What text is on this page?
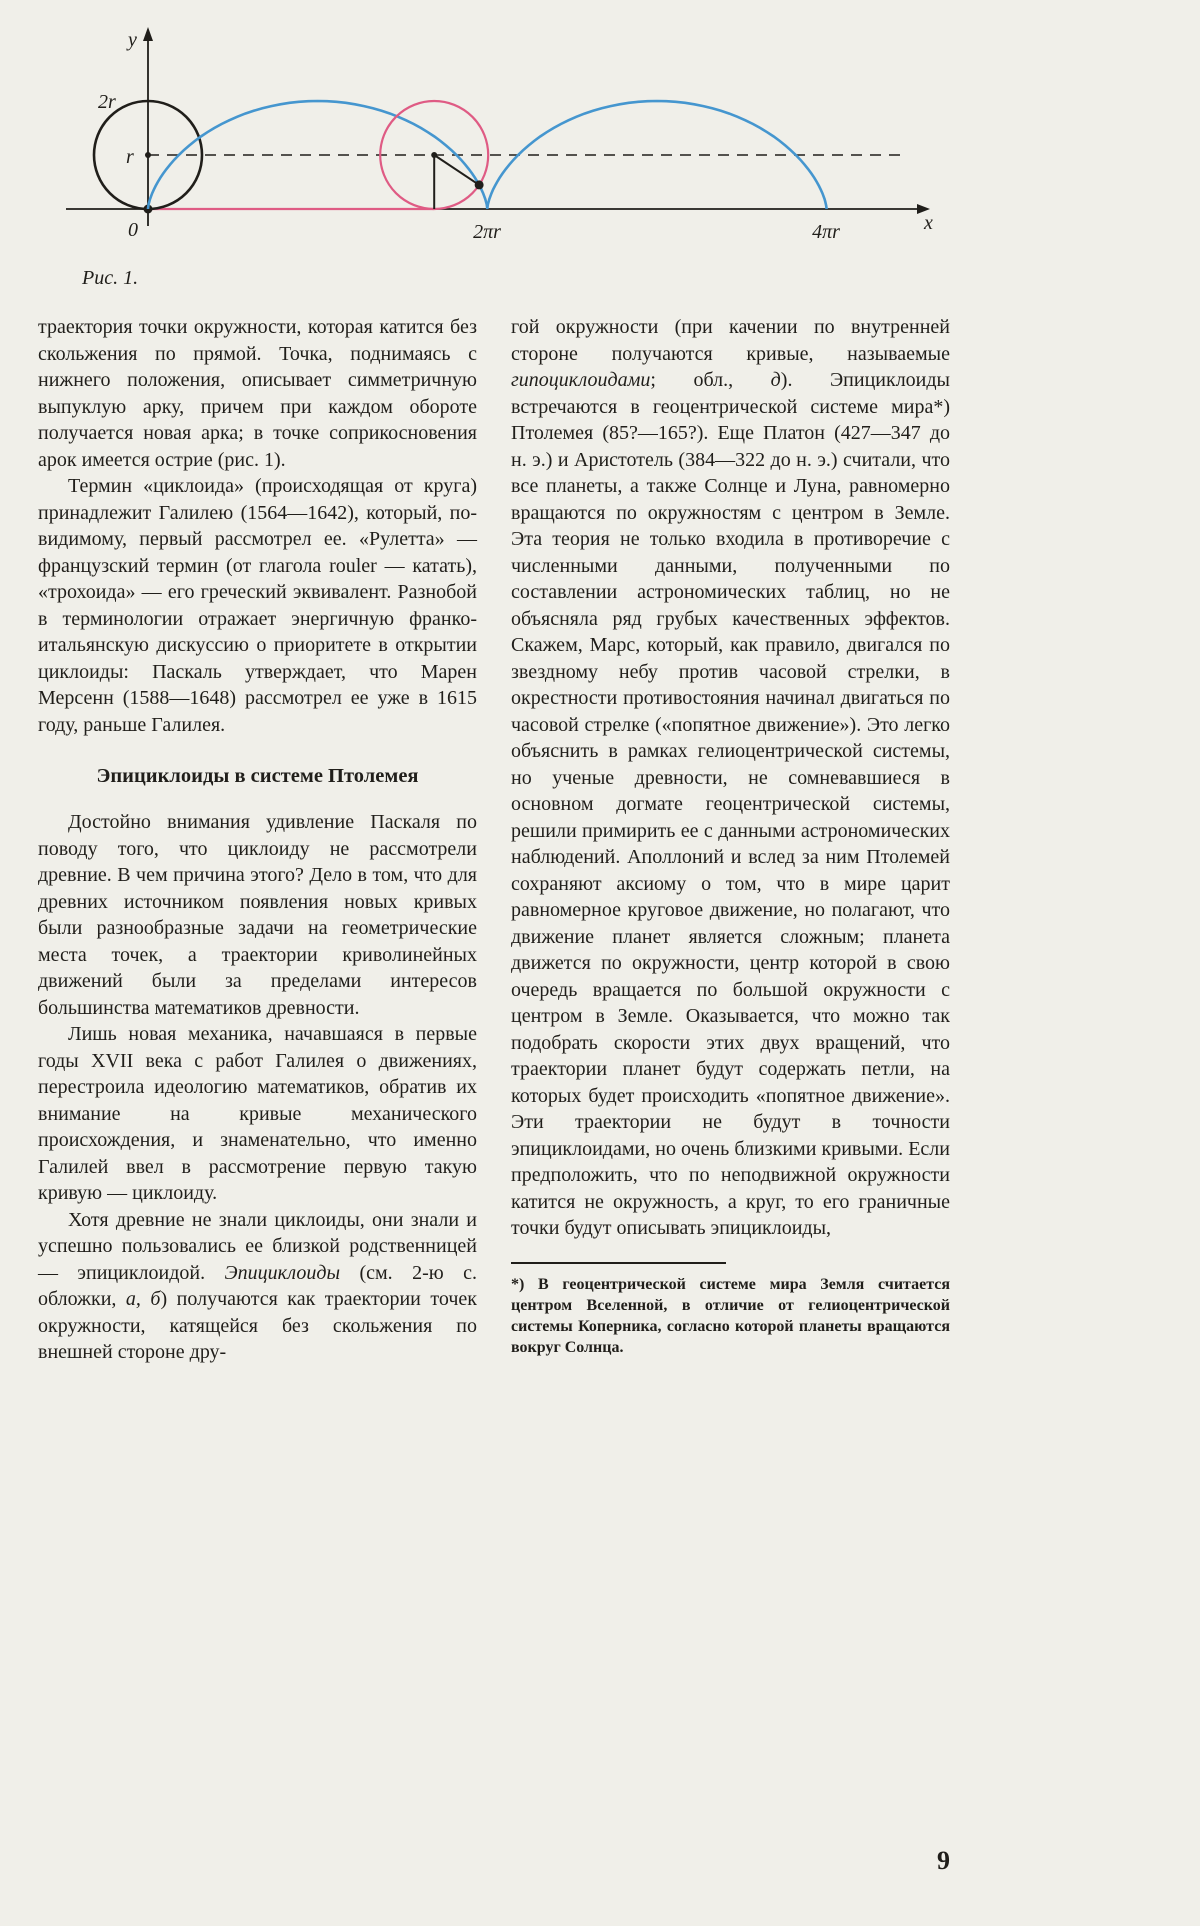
y
x
2r
r
0	2πr	4πr
Рис. 1.

траектория точки окружности, которая катится без скольжения по прямой. Точка, поднимаясь с нижнего положения, описывает симметричную выпуклую арку, причем при каждом обороте получается новая арка; в точке соприкосновения арок имеется острие (рис. 1).

Термин «циклоида» (происходящая от круга) принадлежит Галилею (1564—1642), который, по-видимому, первый рассмотрел ее. «Рулетта» — французский термин (от глагола rouler — катать), «трохоида» — его греческий эквивалент. Разнобой в терминологии отражает энергичную франко-итальянскую дискуссию о приоритете в открытии циклоиды: Паскаль утверждает, что Марен Мерсенн (1588—1648) рассмотрел ее уже в 1615 году, раньше Галилея.

Эпициклоиды в системе Птолемея

Достойно внимания удивление Паскаля по поводу того, что циклоиду не рассмотрели древние. В чем причина этого? Дело в том, что для древних источником появления новых кривых были разнообразные задачи на геометрические места точек, а траектории криволинейных движений были за пределами интересов большинства математиков древности.

Лишь новая механика, начавшаяся в первые годы XVII века с работ Галилея о движениях, перестроила идеологию математиков, обратив их внимание на кривые механического происхождения, и знаменательно, что именно Галилей ввел в рассмотрение первую такую кривую — циклоиду.

Хотя древние не знали циклоиды, они знали и успешно пользовались ее близкой родственницей — эпициклоидой. Эпициклоиды (см. 2-ю с. обложки, а, б) получаются как траектории точек окружности, катящейся без скольжения по внешней стороне дру-

гой окружности (при качении по внутренней стороне получаются кривые, называемые гипоциклоидами; обл., д). Эпициклоиды встречаются в геоцентрической системе мира*) Птолемея (85?—165?). Еще Платон (427—347 до н. э.) и Аристотель (384—322 до н. э.) считали, что все планеты, а также Солнце и Луна, равномерно вращаются по окружностям с центром в Земле. Эта теория не только входила в противоречие с численными данными, полученными по составлении астрономических таблиц, но не объясняла ряд грубых качественных эффектов. Скажем, Марс, который, как правило, двигался по звездному небу против часовой стрелки, в окрестности противостояния начинал двигаться по часовой стрелке («попятное движение»). Это легко объяснить в рамках гелиоцентрической системы, но ученые древности, не сомневавшиеся в основном догмате геоцентрической системы, решили примирить ее с данными астрономических наблюдений. Аполлоний и вслед за ним Птолемей сохраняют аксиому о том, что в мире царит равномерное круговое движение, но полагают, что движение планет является сложным; планета движется по окружности, центр которой в свою очередь вращается по большой окружности с центром в Земле. Оказывается, что можно так подобрать скорости этих двух вращений, что траектории планет будут содержать петли, на которых будет происходить «попятное движение». Эти траектории не будут в точности эпициклоидами, но очень близкими кривыми. Если предположить, что по неподвижной окружности катится не окружность, а круг, то его граничные точки будут описывать эпициклоиды,

*) В геоцентрической системе мира Земля считается центром Вселенной, в отличие от гелиоцентрической системы Коперника, согласно которой планеты вращаются вокруг Солнца.

9
